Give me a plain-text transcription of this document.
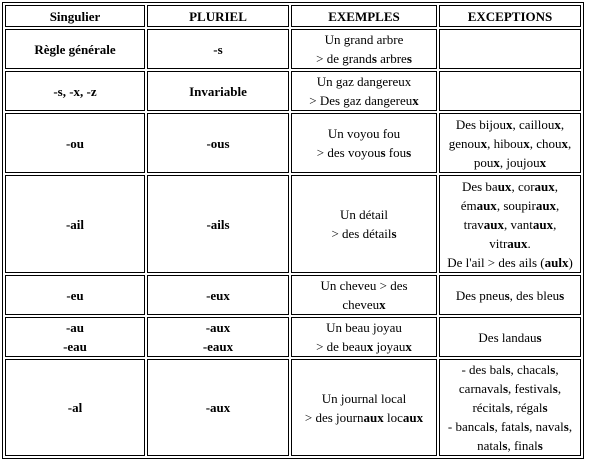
Singulier	PLURIEL	EXEMPLES	EXCEPTIONS

Règle générale	-s	Un grand arbre
> de grands arbres	

-s, -x, -z	Invariable	Un gaz dangereux
> Des gaz dangereux	

-ou	-ous	Un voyou fou
> des voyous fous	Des bijoux, cailloux,
genoux, hiboux, choux,
poux, joujoux

-ail	-ails	Un détail
> des détails	Des baux, coraux,
émaux, soupiraux,
travaux, vantaux,
vitraux.
De l'ail > des ails (aulx)

-eu	-eux	Un cheveu > des
cheveux	Des pneus, des bleus

-au
-eau	-aux
-eaux	Un beau joyau
> de beaux joyaux	Des landaus

-al	-aux	Un journal local
> des journaux locaux	- des bals, chacals,
carnavals, festivals,
récitals, régals
- bancals, fatals, navals,
natals, finals
